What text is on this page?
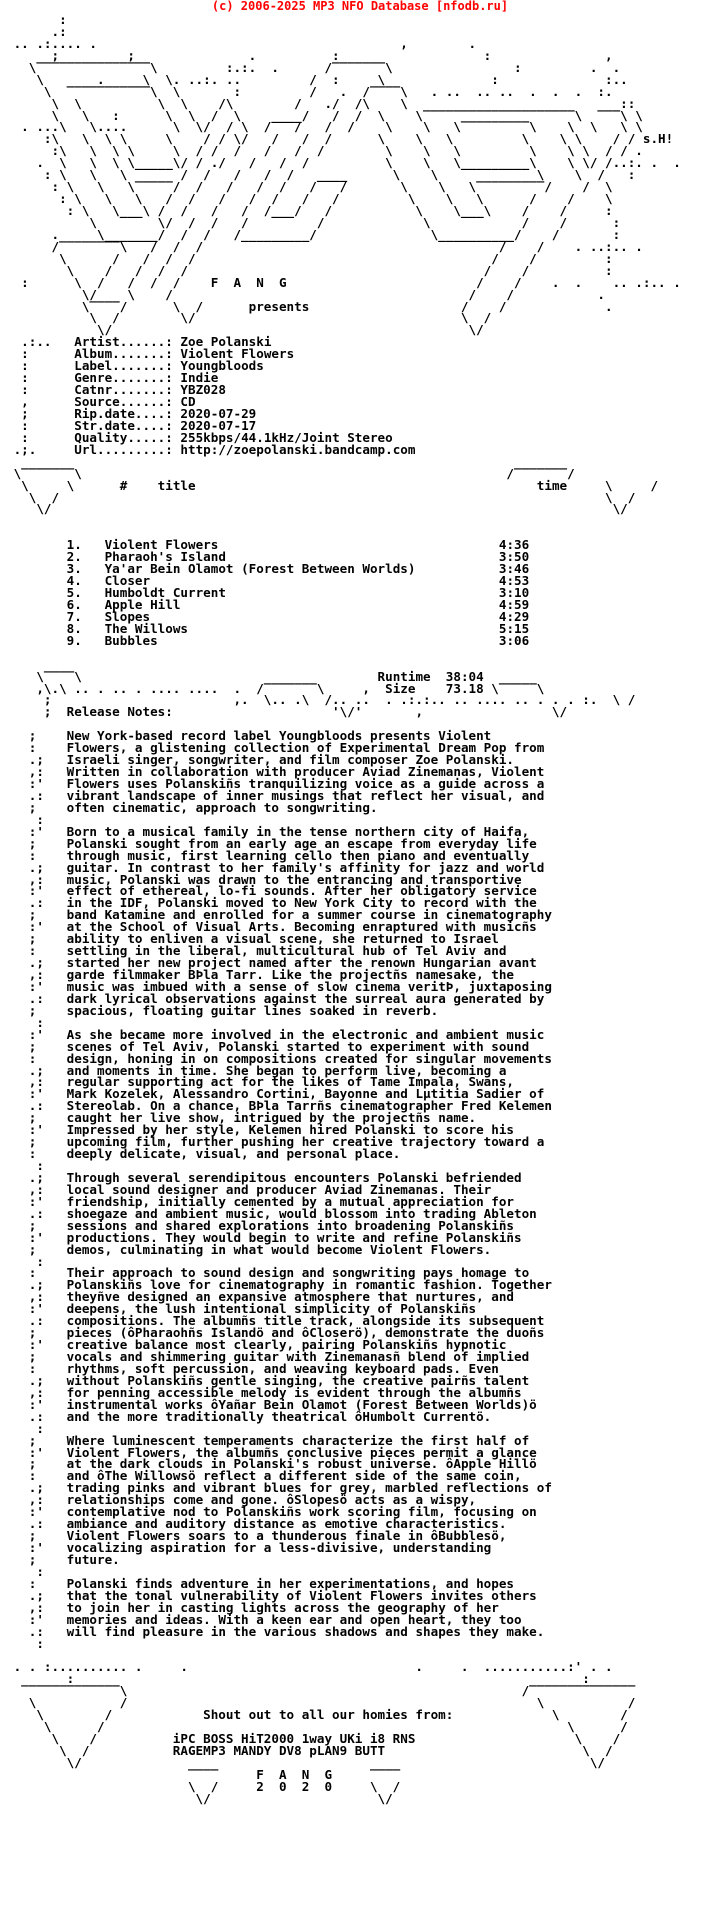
(c) 2006-2025 MP3 NFO Database [nfodb.ru]
:
.:
.. .:.... .                                        ,        .
;         ;               .          :                   :               ,
\‾‾‾‾‾‾‾‾‾‾‾‾‾‾‾\         :.:.  .      /‾‾‾‾‾‾‾\                :         .  .
\       .     \  \. ..:. ..         /  :     \              :              :..
\  ‾‾‾‾‾‾‾‾‾‾‾\  \       :         /   .  /‾‾‾‾\   . ..  .. ..  .  .  .  :.
\  \          \  \    /\        /   ./  /\    \                            ::
\   \   :      \  \  /  \    ____/   /  /  \    \‾‾‾‾‾‾‾‾‾‾‾‾‾‾‾‾‾‾‾‾\  ‾‾‾\ \
. ...\   \....      \  \/  / \  /   /   /  /    \    \   \‾‾‾‾‾‾‾‾‾\    \  \   \ \
:\   \  \ \     \    / / \/   /   /  /      \    \   \         \    \ \    / / s.H!
:\   \  \ \     \  / /  /   /   /  /        \    \   \         \    \ \  / / .
.  \   \  \ \_____\/ / ./   /   /  /          \    \   \_________\    \ \/ /..:. .  .
: \   \   \       /  /   /   /  /   ____      \    \             \    \  /   :
: \   \   \‾‾‾‾‾/  /   /   /  /   /   /       \    \   \‾‾‾‾‾‾‾‾‾/    /  \
: \   \   \   /  /   /   /  /   /   /         \    \   \      /    /    \
: \   \___\ /  /   /   /  /___/   /           \    \___\    /    /     :
\        \/  /  /   /         /             \            /    /      :
.     \_______/  /  /   /_________/               \__________/    /       :
/‾‾‾‾‾‾‾‾\   /  /  /                                       /    /    . ..:.. .
\      /   /  /  /                                       /    /         :
\    /   /  /  /                                       /    /          :
:      \  /   /  /  /    F  A  N  G                         /    /    .  .    .. .:.. .
\/    \    /                                       /    /           .
\‾‾‾‾/      \  /      presents                    /    /             .
\  /        \/                                   \  /
\/                                               \/
.:..   Artist......: Zoe Polanski
:      Album.......: Violent Flowers
:      Label.......: Youngbloods
:      Genre.......: Indie
:      Catnr.......: YBZ028
,      Source......: CD
;      Rip.date....: 2020-07-29
:      Str.date....: 2020-07-17
:      Quality.....: 255kbps/44.1kHz/Joint Stereo
.;.     Url.........: http://zoepolanski.bandcamp.com

\‾‾‾‾‾‾‾\                                                        /‾‾‾‾‾‾‾/
\     \	# title	time	\     /
\  /                                                                        \  /
\/                                                                          \/

1.   Violent Flowers	4:36
2.   Pharaoh's Island	3:50
3.   Ya'ar Bein Olamot (Forest Between Worlds)	3:46
4.   Closer	4:53
5.   Humboldt Current	3:10
6.   Apple Hill	4:59
7.   Slopes	4:29
8.   The Willows	5:15
9.   Bubbles	3:06

\‾‾‾‾\                                       Runtime 38:04
,\.\ .. . .. . .... ....  .  /‾‾‾‾‾‾‾\     ,  Size 73.18 \‾‾‾‾‾\
;                        ,.  \.. .\  /.. ..  . .:.:.. .. .... .. . . . :.  \ /
;  Release Notes:                     '\/'       ,                 \/

;    New York-based record label Youngbloods presents Violent
:    Flowers, a glistening collection of Experimental Dream Pop from
.;   Israeli singer, songwriter, and film composer Zoe Polanski.
,:   Written in collaboration with producer Aviad Zinemanas, Violent
:'   Flowers uses Polanskiñs tranquilizing voice as a guide across a
.:   vibrant landscape of inner musings that reflect her visual, and
;    often cinematic, approach to songwriting.
:
:'   Born to a musical family in the tense northern city of Haifa,
;    Polanski sought from an early age an escape from everyday life
:    through music, first learning cello then piano and eventually
.;   guitar. In contrast to her family's affinity for jazz and world
,:   music, Polanski was drawn to the entrancing and transportive
:'   effect of ethereal, lo-fi sounds. After her obligatory service
.:   in the IDF, Polanski moved to New York City to record with the
;    band Katamine and enrolled for a summer course in cinematography
:'   at the School of Visual Arts. Becoming enraptured with musicñs
;    ability to enliven a visual scene, she returned to Israel
:    settling in the liberal, multicultural hub of Tel Aviv and
.;   started her new project named after the renown Hungarian avant
,:   garde filmmaker BÞla Tarr. Like the projectñs namesake, the
:'   music was imbued with a sense of slow cinema veritÞ, juxtaposing
.:   dark lyrical observations against the surreal aura generated by
;    spacious, floating guitar lines soaked in reverb.
:
:'   As she became more involved in the electronic and ambient music
;    scenes of Tel Aviv, Polanski started to experiment with sound
:    design, honing in on compositions created for singular movements
.;   and moments in time. She began to perform live, becoming a
,:   regular supporting act for the likes of Tame Impala, Swans,
:'   Mark Kozelek, Alessandro Cortini, Bayonne and Lµtitia Sadier of
.:   Stereolab. On a chance, BÞla Tarrñs cinematographer Fred Kelemen
;    caught her live show, intrigued by the projectñs name.
:'   Impressed by her style, Kelemen hired Polanski to score his
;    upcoming film, further pushing her creative trajectory toward a
:    deeply delicate, visual, and personal place.
:
.;   Through several serendipitous encounters Polanski befriended
,:   local sound designer and producer Aviad Zinemanas. Their
:'   friendship, initially cemented by a mutual appreciation for
.:   shoegaze and ambient music, would blossom into trading Ableton
;    sessions and shared explorations into broadening Polanskiñs
:'   productions. They would begin to write and refine Polanskiñs
;    demos, culminating in what would become Violent Flowers.
:
:    Their approach to sound design and songwriting pays homage to
.;   Polanskiñs love for cinematography in romantic fashion. Together
,:   theyñve designed an expansive atmosphere that nurtures, and
:'   deepens, the lush intentional simplicity of Polanskiñs
.:   compositions. The albumñs title track, alongside its subsequent
;    pieces (ôPharaohñs Islandö and ôCloserö), demonstrate the duoñs
:'   creative balance most clearly, pairing Polanskiñs hypnotic
;    vocals and shimmering guitar with Zinemanasñ blend of implied
:    rhythms, soft percussion, and weaving keyboard pads. Even
.;   without Polanskiñs gentle singing, the creative pairñs talent
,:   for penning accessible melody is evident through the albumñs
:'   instrumental works ôYañar Bein Olamot (Forest Between Worlds)ö
.:   and the more traditionally theatrical ôHumbolt Currentö.
:
;    Where luminescent temperaments characterize the first half of
:'   Violent Flowers, the albumñs conclusive pieces permit a glance
;    at the dark clouds in Polanski's robust universe. ôApple Hillö
:    and ôThe Willowsö reflect a different side of the same coin,
.;   trading pinks and vibrant blues for grey, marbled reflections of
,:   relationships come and gone. ôSlopesö acts as a wispy,
:'   contemplative nod to Polanskiñs work scoring film, focusing on
.:   ambiance and auditory distance as emotive characteristics.
;    Violent Flowers soars to a thunderous finale in ôBubblesö,
:'   vocalizing aspiration for a less-divisive, understanding
;    future.
:
:    Polanski finds adventure in her experimentations, and hopes
.;   that the tonal vulnerability of Violent Flowers invites others
,:   to join her in casting lights across the geography of her
:'   memories and ideas. With a keen ear and open heart, they too
.:   will find pleasure in the various shadows and shapes they make.
:

. . :.......... .     .                              .     .  ...........:' . .
:                                                                   :
‾‾‾‾‾‾‾‾‾‾‾‾‾\                                                    /‾‾‾‾‾‾‾‾‾‾‾‾‾‾
\           /                                                      \           /
\        /            Shout out to all our homies from:             \        /
\      /                                                             \      /
\    /          iPC BOSS HiT2000 1way UKi i8 RNS                     \    /
\  /           RAGEMP3 MANDY DV8 pLAN9 BUTT                          \  /
\/                                                                   \/
‾‾‾‾     F  A  N  G     ‾‾‾‾
\  /     2  0  2  0     \  /
\/                      \/
